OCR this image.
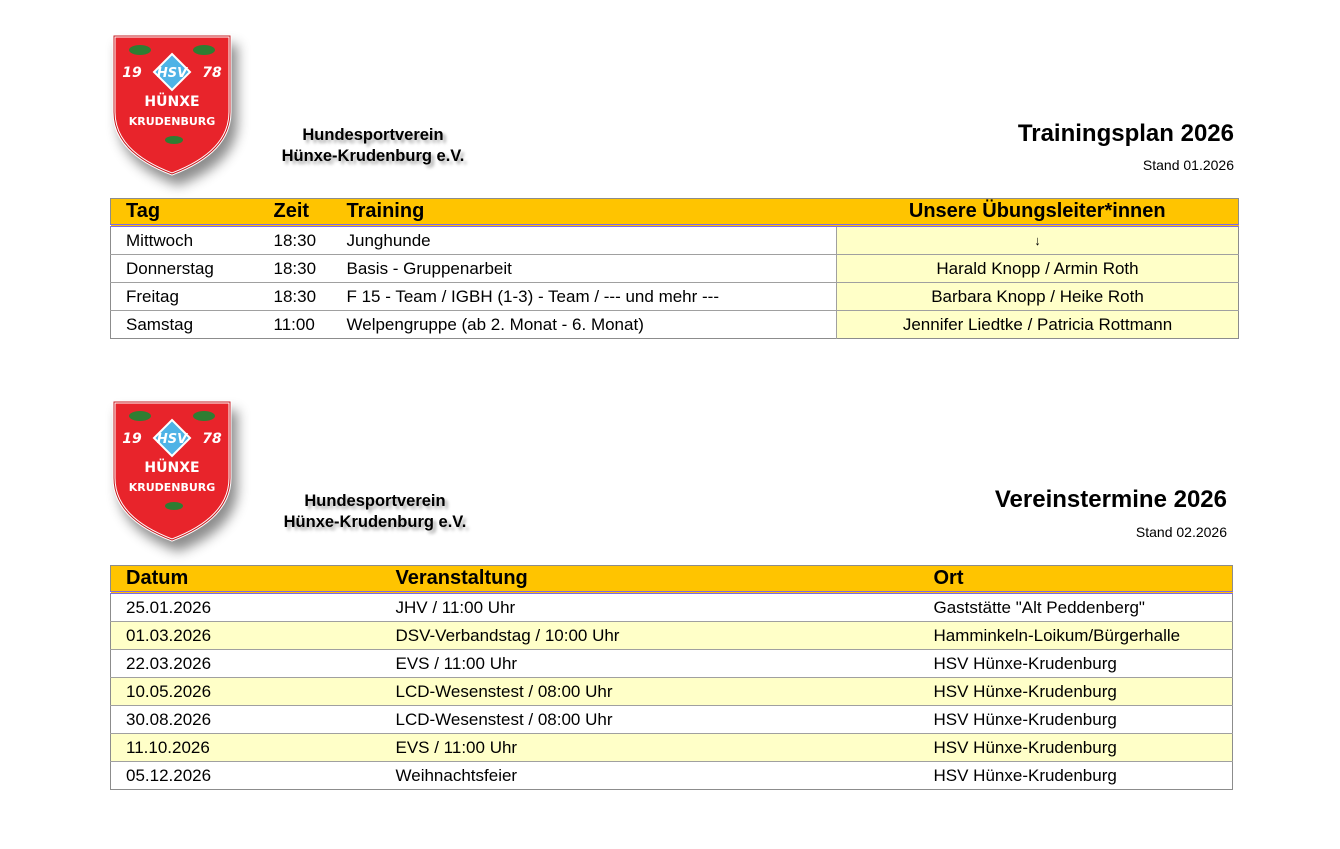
HSV
19	78
HÜNXE
KRUDENBURG
Hundesportverein
Hünxe-Krudenburg e.V.
Trainingsplan 2026
Stand 01.2026
Tag	Zeit	Training	Unsere Übungsleiter*innen
Mittwoch	18:30	Junghunde	↓
Donnerstag	18:30	Basis - Gruppenarbeit	Harald Knopp / Armin Roth
Freitag	18:30	F 15 - Team / IGBH (1-3) - Team / --- und mehr ---	Barbara Knopp / Heike Roth
Samstag	11:00	Welpengruppe (ab 2. Monat - 6. Monat)	Jennifer Liedtke / Patricia Rottmann
HSV
19	78
HÜNXE
KRUDENBURG
Hundesportverein
Hünxe-Krudenburg e.V.
Vereinstermine 2026
Stand 02.2026
Datum	Veranstaltung	Ort
25.01.2026	JHV / 11:00 Uhr	Gaststätte "Alt Peddenberg"
01.03.2026	DSV-Verbandstag / 10:00 Uhr	Hamminkeln-Loikum/Bürgerhalle
22.03.2026	EVS / 11:00 Uhr	HSV Hünxe-Krudenburg
10.05.2026	LCD-Wesenstest / 08:00 Uhr	HSV Hünxe-Krudenburg
30.08.2026	LCD-Wesenstest / 08:00 Uhr	HSV Hünxe-Krudenburg
11.10.2026	EVS / 11:00 Uhr	HSV Hünxe-Krudenburg
05.12.2026	Weihnachtsfeier	HSV Hünxe-Krudenburg
